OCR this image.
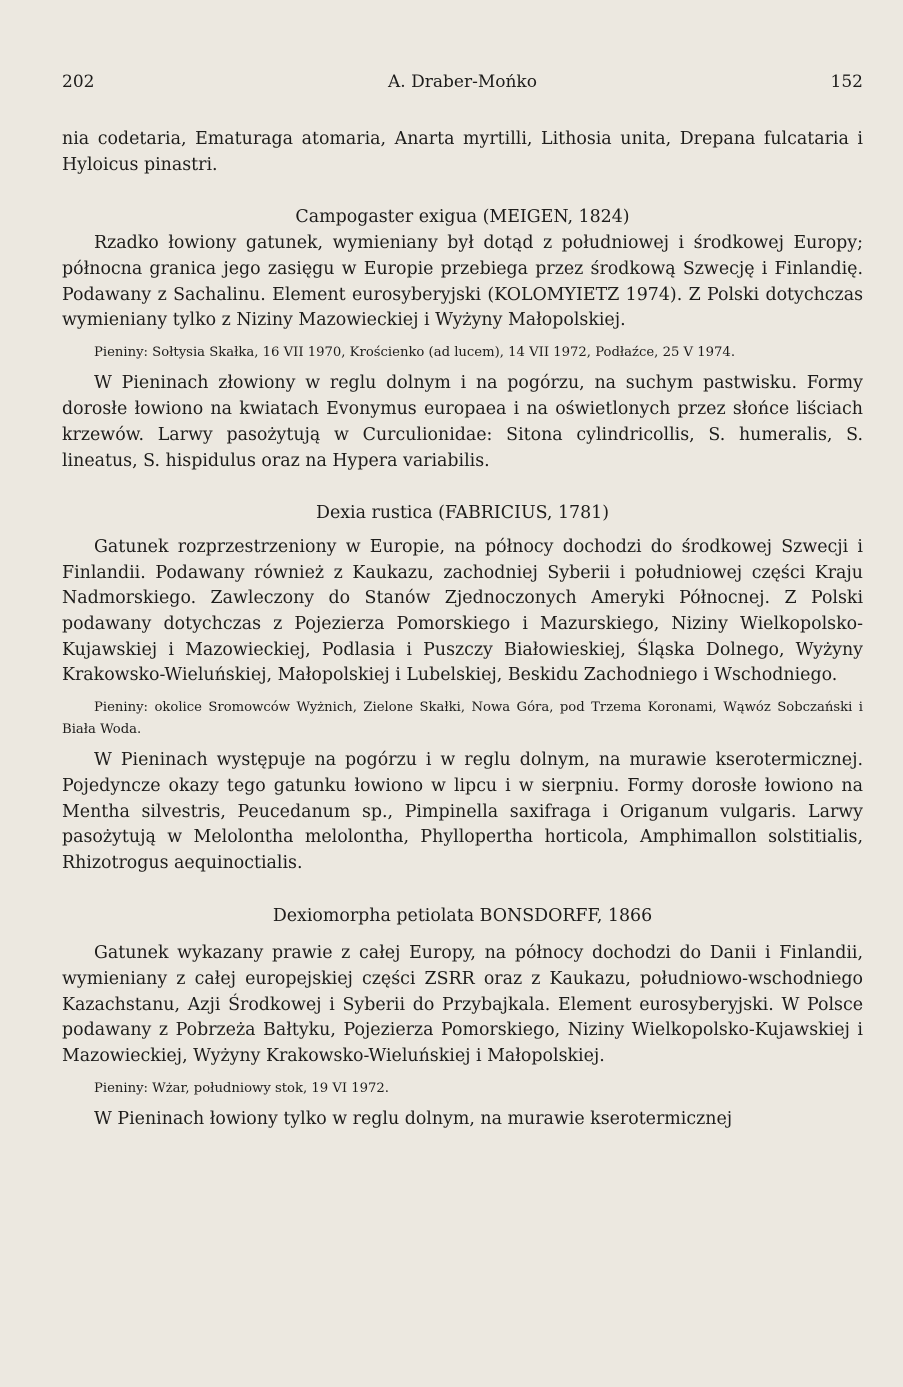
202	A. Draber-Mońko	152
nia codetaria, Ematuraga atomaria, Anarta myrtilli, Lithosia unita, Drepana fulcataria i Hyloicus pinastri.
Campogaster exigua (MEIGEN, 1824)
Rzadko łowiony gatunek, wymieniany był dotąd z południowej i środkowej Europy; północna granica jego zasięgu w Europie przebiega przez środkową Szwecję i Finlandię. Podawany z Sachalinu. Element eurosyberyjski (KOLOMYIETZ 1974). Z Polski dotychczas wymieniany tylko z Niziny Mazowieckiej i Wyżyny Małopolskiej.
Pieniny: Sołtysia Skałka, 16 VII 1970, Krościenko (ad lucem), 14 VII 1972, Podłaźce, 25 V 1974.
W Pieninach złowiony w reglu dolnym i na pogórzu, na suchym pastwisku. Formy dorosłe łowiono na kwiatach Evonymus europaea i na oświetlonych przez słońce liściach krzewów. Larwy pasożytują w Curculionidae: Sitona cylindricollis, S. humeralis, S. lineatus, S. hispidulus oraz na Hypera variabilis.
Dexia rustica (FABRICIUS, 1781)
Gatunek rozprzestrzeniony w Europie, na północy dochodzi do środkowej Szwecji i Finlandii. Podawany również z Kaukazu, zachodniej Syberii i południowej części Kraju Nadmorskiego. Zawleczony do Stanów Zjednoczonych Ameryki Północnej. Z Polski podawany dotychczas z Pojezierza Pomorskiego i Mazurskiego, Niziny Wielkopolsko-Kujawskiej i Mazowieckiej, Podlasia i Puszczy Białowieskiej, Śląska Dolnego, Wyżyny Krakowsko-Wieluńskiej, Małopolskiej i Lubelskiej, Beskidu Zachodniego i Wschodniego.
Pieniny: okolice Sromowców Wyżnich, Zielone Skałki, Nowa Góra, pod Trzema Koronami, Wąwóz Sobczański i Biała Woda.
W Pieninach występuje na pogórzu i w reglu dolnym, na murawie kserotermicznej. Pojedyncze okazy tego gatunku łowiono w lipcu i w sierpniu. Formy dorosłe łowiono na Mentha silvestris, Peucedanum sp., Pimpinella saxifraga i Origanum vulgaris. Larwy pasożytują w Melolontha melolontha, Phyllopertha horticola, Amphimallon solstitialis, Rhizotrogus aequinoctialis.
Dexiomorpha petiolata BONSDORFF, 1866
Gatunek wykazany prawie z całej Europy, na północy dochodzi do Danii i Finlandii, wymieniany z całej europejskiej części ZSRR oraz z Kaukazu, południowo-wschodniego Kazachstanu, Azji Środkowej i Syberii do Przybajkala. Element eurosyberyjski. W Polsce podawany z Pobrzeża Bałtyku, Pojezierza Pomorskiego, Niziny Wielkopolsko-Kujawskiej i Mazowieckiej, Wyżyny Krakowsko-Wieluńskiej i Małopolskiej.
Pieniny: Wżar, południowy stok, 19 VI 1972.
W Pieninach łowiony tylko w reglu dolnym, na murawie kserotermicznej
